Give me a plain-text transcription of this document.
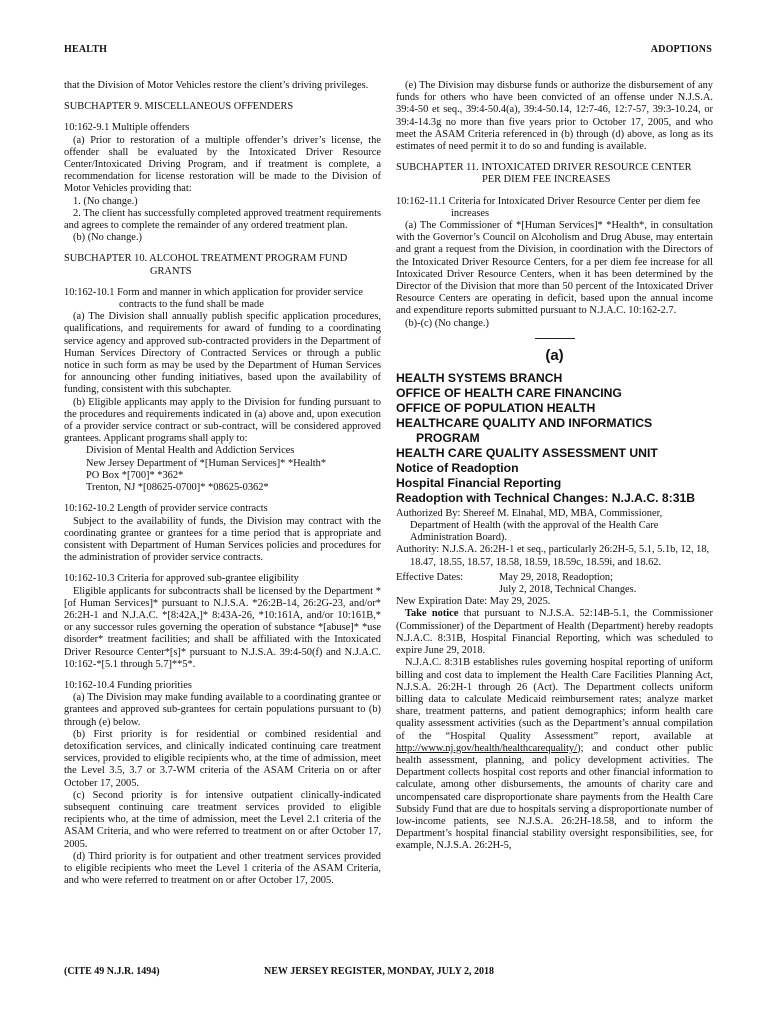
HEALTH	ADOPTIONS

that the Division of Motor Vehicles restore the client’s driving privileges.

SUBCHAPTER 9. MISCELLANEOUS OFFENDERS

10:162-9.1 Multiple offenders

(a) Prior to restoration of a multiple offender’s driver’s license, the offender shall be evaluated by the Intoxicated Driver Resource Center/Intoxicated Driving Program, and if treatment is complete, a recommendation for license restoration will be made to the Division of Motor Vehicles providing that:

1. (No change.)

2. The client has successfully completed approved treatment requirements and agrees to complete the remainder of any ordered treatment plan.

(b) (No change.)

SUBCHAPTER 10. ALCOHOL TREATMENT PROGRAM FUND
GRANTS

10:162-10.1 Form and manner in which application for provider service contracts to the fund shall be made

(a) The Division shall annually publish specific application procedures, qualifications, and requirements for award of funding to a coordinating service agency and approved sub-contracted providers in the Department of Human Services Directory of Contracted Services or through a public notice in such form as may be used by the Department of Human Services for announcing other funding initiatives, based upon the availability of funding, consistent with this subchapter.

(b) Eligible applicants may apply to the Division for funding pursuant to the procedures and requirements indicated in (a) above and, upon execution of a provider service contract or sub-contract, will be considered approved grantees. Applicant programs shall apply to:

Division of Mental Health and Addiction Services

New Jersey Department of *[Human Services]* *Health*

PO Box *[700]* *362*

Trenton, NJ *[08625-0700]* *08625-0362*

10:162-10.2 Length of provider service contracts

Subject to the availability of funds, the Division may contract with the coordinating grantee or grantees for a time period that is appropriate and consistent with Department of Human Services policies and procedures for the administration of provider service contracts.

10:162-10.3 Criteria for approved sub-grantee eligibility

Eligible applicants for subcontracts shall be licensed by the Department *[of Human Services]* pursuant to N.J.S.A. *26:2B-14, 26:2G-23, and/or* 26:2H-1 and N.J.A.C. *[8:42A,]* 8:43A-26, *10:161A, and/or 10:161B,* or any successor rules governing the operation of substance *[abuse]* *use disorder* treatment facilities; and shall be affiliated with the Intoxicated Driver Resource Center*[s]* pursuant to N.J.S.A. 39:4-50(f) and N.J.A.C. 10:162-*[5.1 through 5.7]**5*.

10:162-10.4 Funding priorities

(a) The Division may make funding available to a coordinating grantee or grantees and approved sub-grantees for certain populations pursuant to (b) through (e) below.

(b) First priority is for residential or combined residential and detoxification services, and clinically indicated continuing care treatment services, provided to eligible recipients who, at the time of admission, meet the Level 3.5, 3.7 or 3.7-WM criteria of the ASAM Criteria on or after October 17, 2005.

(c) Second priority is for intensive outpatient clinically-indicated subsequent continuing care treatment services provided to eligible recipients who, at the time of admission, meet the Level 2.1 criteria of the ASAM Criteria, and who were referred to treatment on or after October 17, 2005.

(d) Third priority is for outpatient and other treatment services provided to eligible recipients who meet the Level 1 criteria of the ASAM Criteria, and who were referred to treatment on or after October 17, 2005.

(e) The Division may disburse funds or authorize the disbursement of any funds for others who have been convicted of an offense under N.J.S.A. 39:4-50 et seq., 39:4-50.4(a), 39:4-50.14, 12:7-46, 12:7-57, 39:3-10.24, or 39:4-14.3g no more than five years prior to October 17, 2005, and who meet the ASAM Criteria referenced in (b) through (d) above, as long as its estimates of need permit it to do so and funding is available.

SUBCHAPTER 11. INTOXICATED DRIVER RESOURCE CENTER
PER DIEM FEE INCREASES

10:162-11.1 Criteria for Intoxicated Driver Resource Center per diem fee increases

(a) The Commissioner of *[Human Services]* *Health*, in consultation with the Governor’s Council on Alcoholism and Drug Abuse, may entertain and grant a request from the Division, in coordination with the Directors of the Intoxicated Driver Resource Centers, for a per diem fee increase for all Intoxicated Driver Resource Centers, when it has been determined by the Director of the Division that more than 50 percent of the Intoxicated Driver Resource Centers are operating in deficit, based upon the annual income and expenditure reports submitted pursuant to N.J.A.C. 10:162-2.7.

(b)-(c) (No change.)

(a)
HEALTH SYSTEMS BRANCH
OFFICE OF HEALTH CARE FINANCING
OFFICE OF POPULATION HEALTH
HEALTHCARE QUALITY AND INFORMATICS
PROGRAM
HEALTH CARE QUALITY ASSESSMENT UNIT
Notice of Readoption
Hospital Financial Reporting
Readoption with Technical Changes: N.J.A.C. 8:31B

Authorized By: Shereef M. Elnahal, MD, MBA, Commissioner, Department of Health (with the approval of the Health Care Administration Board).

Authority: N.J.S.A. 26:2H-1 et seq., particularly 26:2H-5, 5.1, 5.1b, 12, 18, 18.47, 18.55, 18.57, 18.58, 18.59, 18.59c, 18.59i, and 18.62.

Effective Dates:	May 29, 2018, Readoption;
July 2, 2018, Technical Changes.

New Expiration Date: May 29, 2025.

Take notice that pursuant to N.J.S.A. 52:14B-5.1, the Commissioner (Commissioner) of the Department of Health (Department) hereby readopts N.J.A.C. 8:31B, Hospital Financial Reporting, which was scheduled to expire June 29, 2018.

N.J.A.C. 8:31B establishes rules governing hospital reporting of uniform billing and cost data to implement the Health Care Facilities Planning Act, N.J.S.A. 26:2H-1 through 26 (Act). The Department collects uniform billing data to calculate Medicaid reimbursement rates; analyze market share, treatment patterns, and patient demographics; inform health care quality assessment activities (such as the Department’s annual compilation of the “Hospital Quality Assessment” report, available at http://www.nj.gov/health/healthcarequality/); and conduct other public health assessment, planning, and policy development activities. The Department collects hospital cost reports and other financial information to calculate, among other disbursements, the amounts of charity care and uncompensated care disproportionate share payments from the Health Care Subsidy Fund that are due to hospitals serving a disproportionate number of low-income patients, see N.J.S.A. 26:2H-18.58, and to inform the Department’s hospital financial stability oversight responsibilities, see, for example, N.J.S.A. 26:2H-5,

(CITE 49 N.J.R. 1494)	NEW JERSEY REGISTER, MONDAY, JULY 2, 2018
